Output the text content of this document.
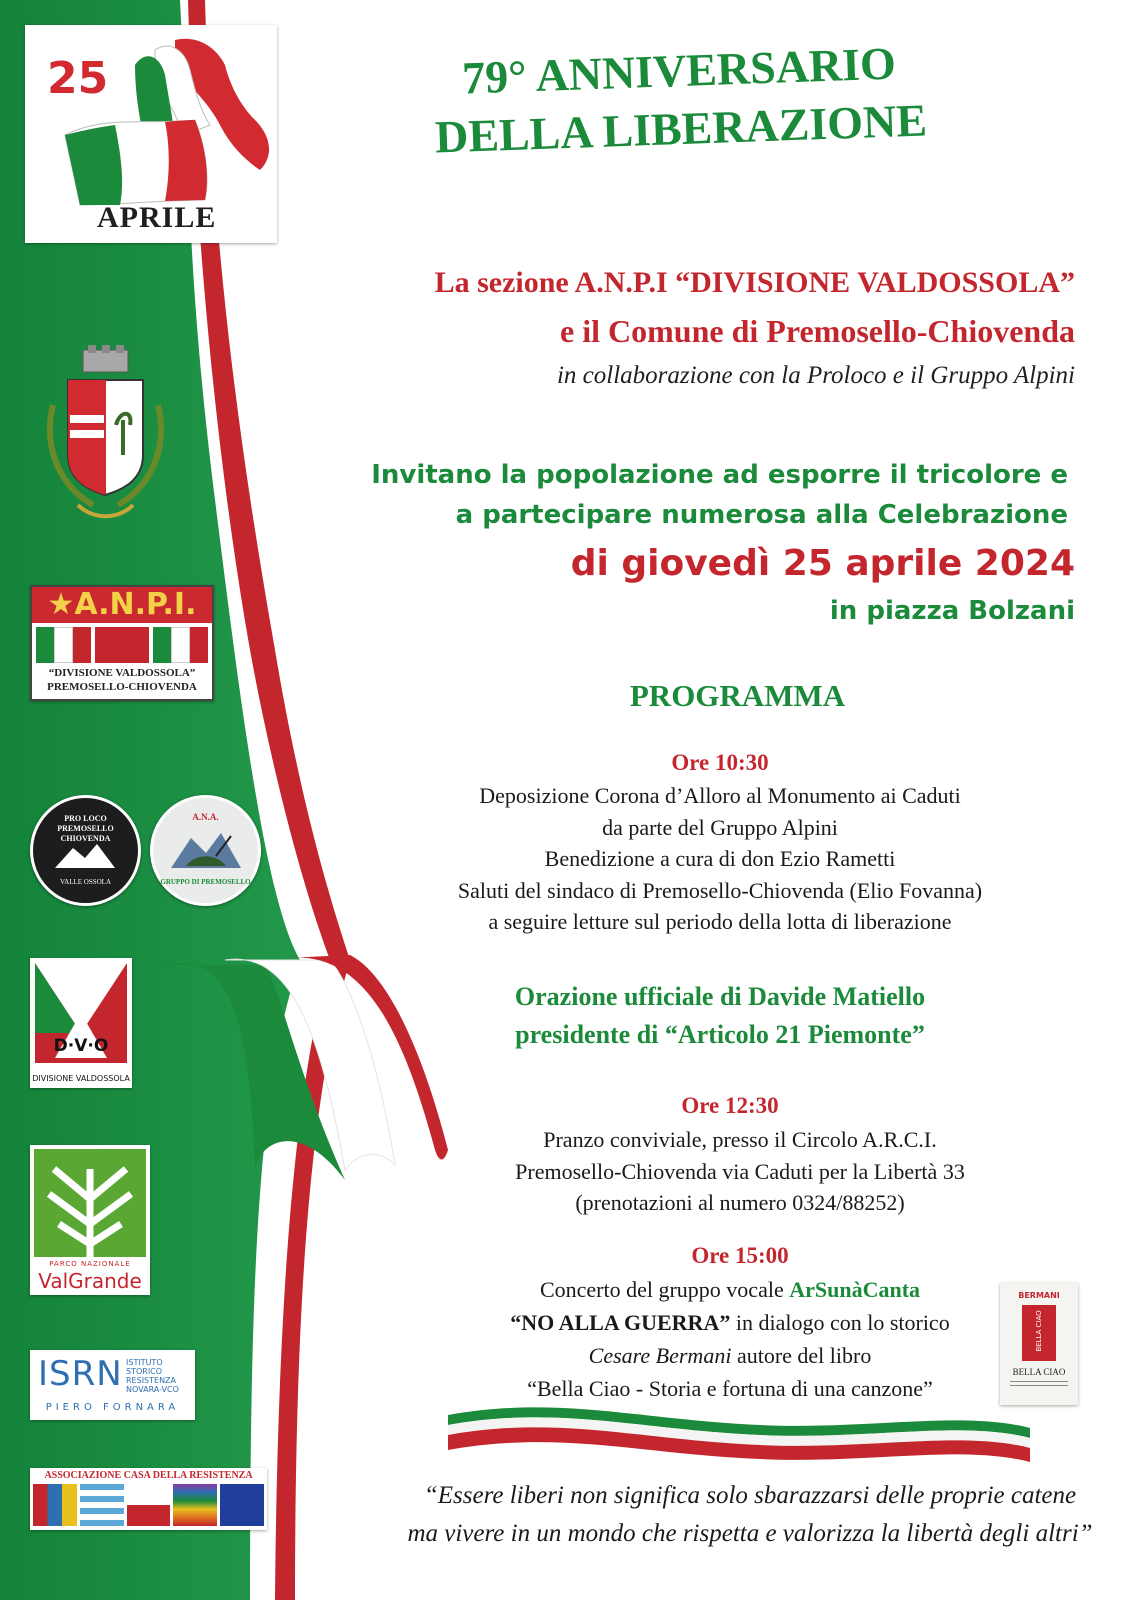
25
APRILE
79° ANNIVERSARIO
DELLA LIBERAZIONE
La sezione A.N.P.I “DIVISIONE VALDOSSOLA”
e il Comune di Premosello-Chiovenda
in collaborazione con la Proloco e il Gruppo Alpini
Invitano la popolazione ad esporre il tricolore e
a partecipare numerosa alla Celebrazione
di giovedì 25 aprile 2024
in piazza Bolzani
★A.N.P.I.
“DIVISIONE VALDOSSOLA”
PREMOSELLO-CHIOVENDA	PROGRAMMA
Ore 10:30
Deposizione Corona d’Alloro al Monumento ai Caduti
da parte del Gruppo Alpini
Benedizione a cura di don Ezio Rametti
Saluti del sindaco di Premosello-Chiovenda (Elio Fovanna)
a seguire letture sul periodo della lotta di liberazione
PRO LOCO PREMOSELLO CHIOVENDA
VALLE OSSOLA
A.N.A.
GRUPPO DI PREMOSELLO
D·V·O
DIVISIONE VALDOSSOLA
Orazione ufficiale di Davide Matiello
presidente di “Articolo 21 Piemonte”
Ore 12:30
Pranzo conviviale, presso il Circolo A.R.C.I.
Premosello-Chiovenda via Caduti per la Libertà 33
(prenotazioni al numero 0324/88252)
PARCO NAZIONALE
ValGrande
Ore 15:00
Concerto del gruppo vocale ArSunàCanta
“NO ALLA GUERRA” in dialogo con lo storico
Cesare Bermani autore del libro
“Bella Ciao - Storia e fortuna di una canzone”
BERMANI
BELLA CIAO
BELLA CIAO
ISRN ISTITUTO
STORICO
RESISTENZA
NOVARA-VCO
PIERO FORNARA
ASSOCIAZIONE CASA DELLA RESISTENZA
“Essere liberi non significa solo sbarazzarsi delle proprie catene
ma vivere in un mondo che rispetta e valorizza la libertà degli altri”
